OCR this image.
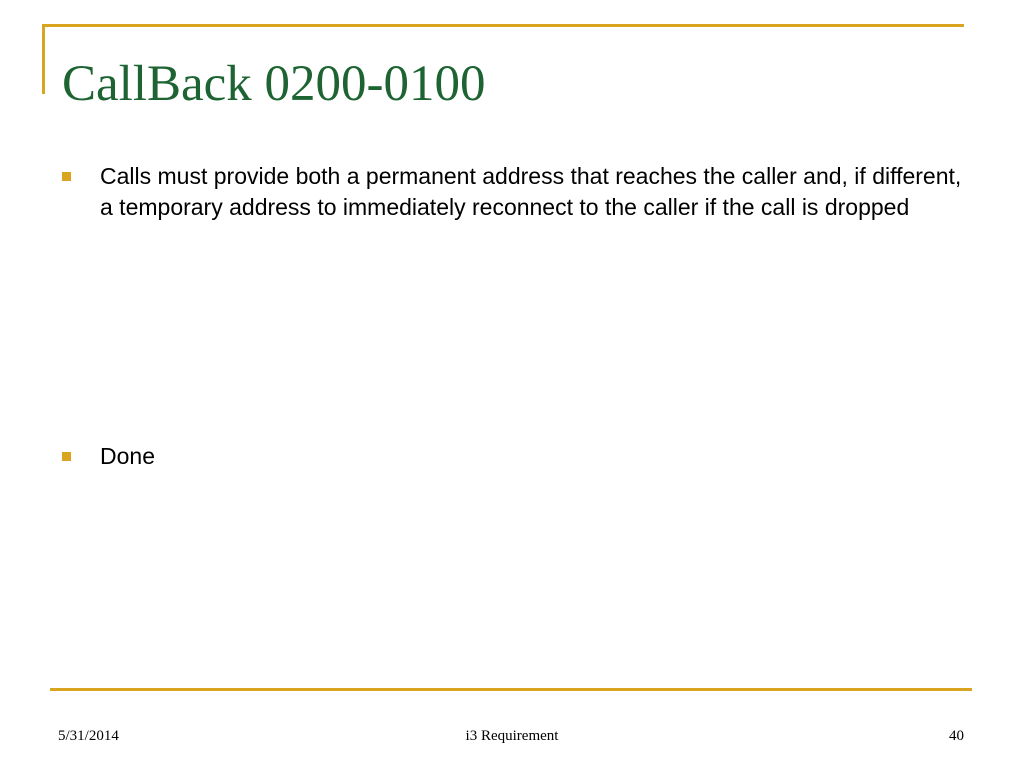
CallBack 0200-0100
Calls must provide both a permanent address that reaches the caller and, if different, a temporary address to immediately reconnect to the caller if the call is dropped
Done
5/31/2014	i3 Requirement	40
